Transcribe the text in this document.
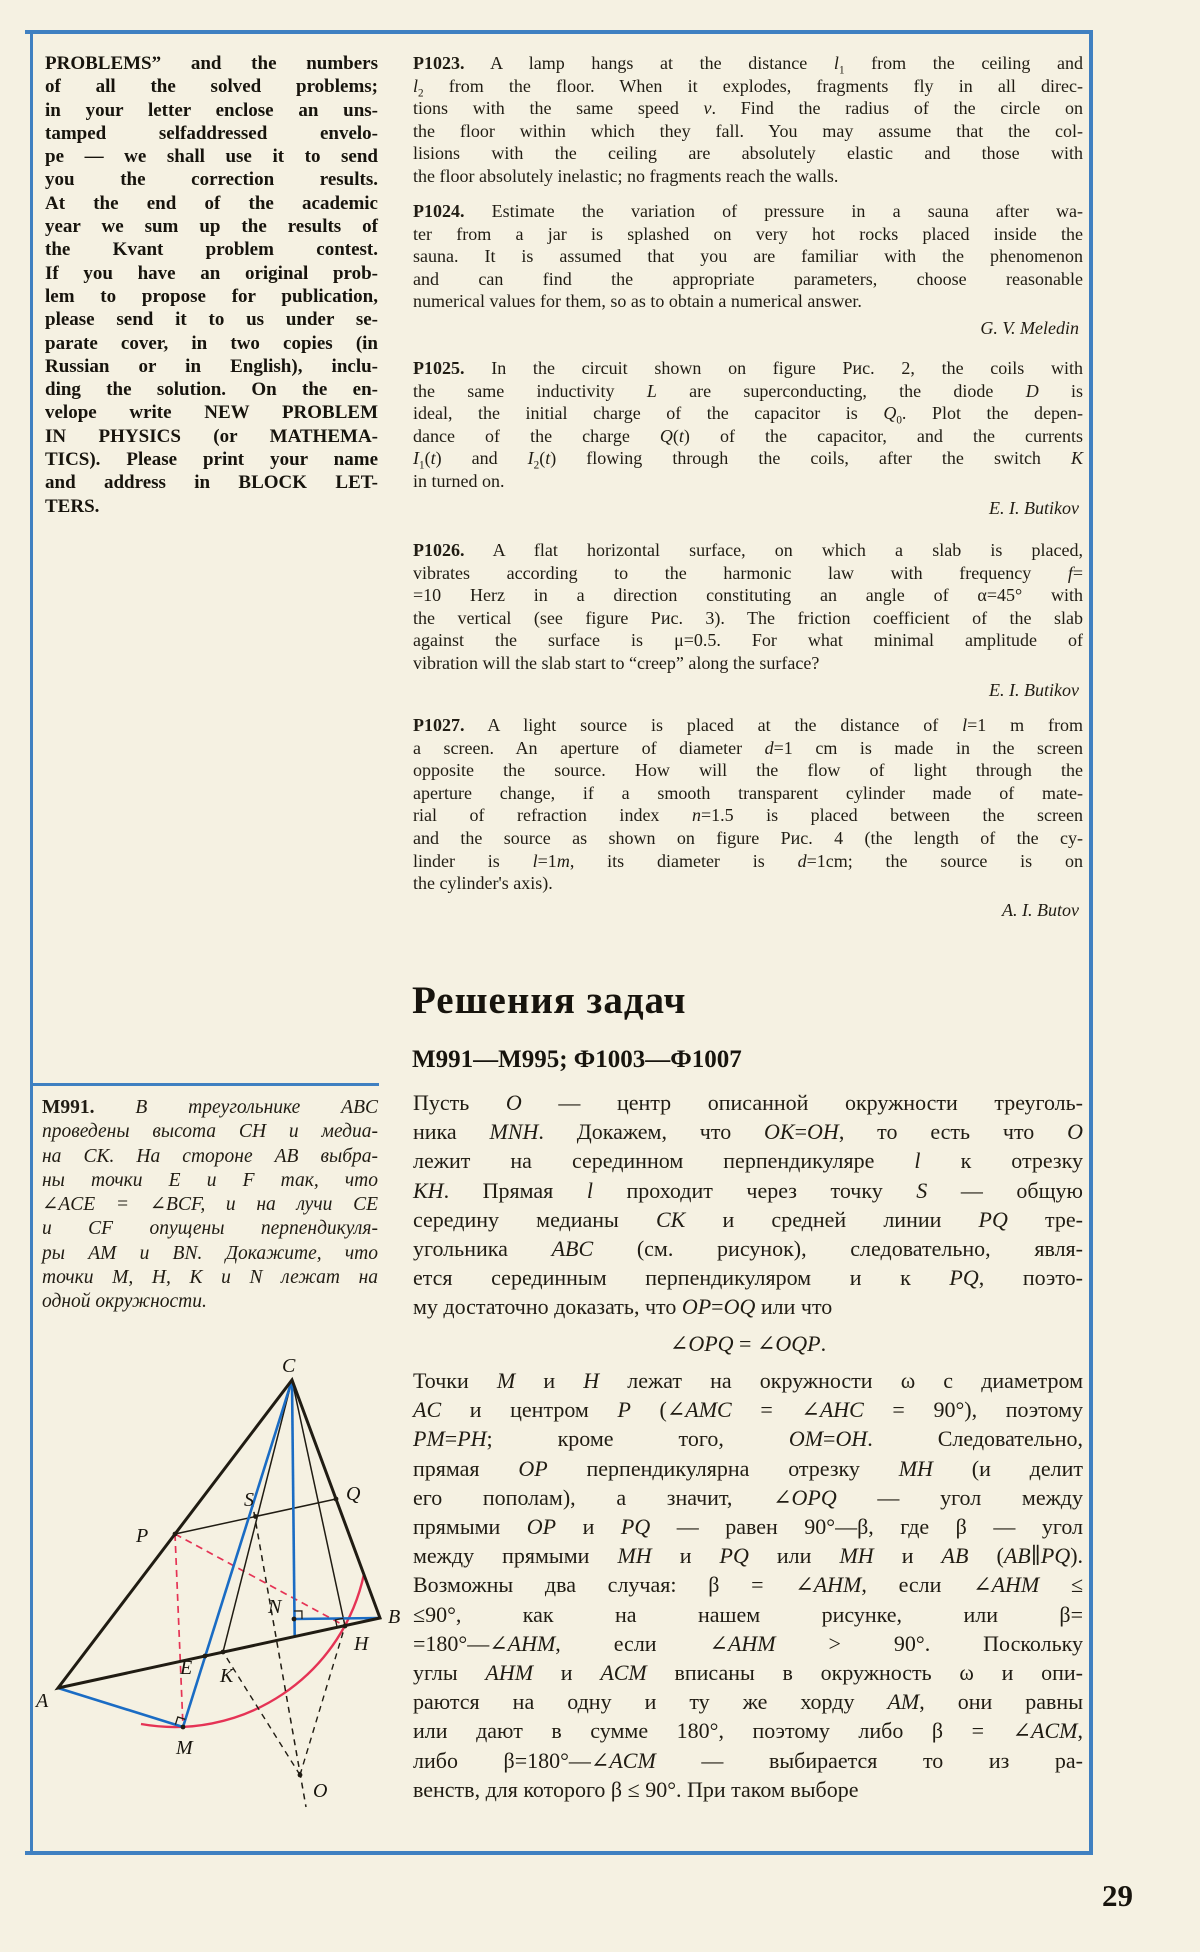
PROBLEMS” and the numbers
of all the solved problems;
in your letter enclose an uns-
tamped selfaddressed envelo-
pe — we shall use it to send
you the correction results.
At the end of the academic
year we sum up the results of
the Kvant problem contest.
If you have an original prob-
lem to propose for publication,
please send it to us under se-
parate cover, in two copies (in
Russian or in English), inclu-
ding the solution. On the en-
velope write NEW PROBLEM
IN PHYSICS (or MATHEMA-
TICS). Please print your name
and address in BLOCK LET-
TERS.
М991. В треугольнике ABC
проведены высота CH и медиа-
на CK. На стороне AB выбра-
ны точки E и F так, что
∠ACE = ∠BCF, и на лучи CE
и CF опущены перпендикуля-
ры AM и BN. Докажите, что
точки M, H, K и N лежат на
одной окружности.
C
P
S	Q
N
E K
H
B
A
M
O
P1023. A lamp hangs at the distance $l_1$ from the ceiling and
$l_2$ from the floor. When it explodes, fragments fly in all direc-
tions with the same speed v. Find the radius of the circle on
the floor within which they fall. You may assume that the col-
lisions with the ceiling are absolutely elastic and those with
the floor absolutely inelastic; no fragments reach the walls.
P1024. Estimate the variation of pressure in a sauna after wa-
ter from a jar is splashed on very hot rocks placed inside the
sauna. It is assumed that you are familiar with the phenomenon
and can find the appropriate parameters, choose reasonable
numerical values for them, so as to obtain a numerical answer.
G. V. Meledin
P1025. In the circuit shown on figure Рис. 2, the coils with
the same inductivity L are superconducting, the diode D is
ideal, the initial charge of the capacitor is $Q_0$. Plot the depen-
dance of the charge Q(t) of the capacitor, and the currents
$I_1(t)$ and $I_2(t)$ flowing through the coils, after the switch K
in turned on.
E. I. Butikov
P1026. A flat horizontal surface, on which a slab is placed,
vibrates according to the harmonic law with frequency f=
=10 Herz in a direction constituting an angle of α=45° with
the vertical (see figure Рис. 3). The friction coefficient of the slab
against the surface is μ=0.5. For what minimal amplitude of
vibration will the slab start to “creep” along the surface?
E. I. Butikov
P1027. A light source is placed at the distance of l=1 m from
a screen. An aperture of diameter d=1 cm is made in the screen
opposite the source. How will the flow of light through the
aperture change, if a smooth transparent cylinder made of mate-
rial of refraction index n=1.5 is placed between the screen
and the source as shown on figure Рис. 4 (the length of the cy-
linder is l=1m, its diameter is d=1cm; the source is on
the cylinder's axis).
A. I. Butov
Решения задач
М991—М995; Ф1003—Ф1007
Пусть O — центр описанной окружности треуголь-
ника MNH. Докажем, что OK=OH, то есть что O
лежит на серединном перпендикуляре l к отрезку
KH. Прямая l проходит через точку S — общую
середину медианы CK и средней линии PQ тре-
угольника ABC (см. рисунок), следовательно, явля-
ется серединным перпендикуляром и к PQ, поэто-
му достаточно доказать, что OP=OQ или что
∠OPQ = ∠OQP.
Точки M и H лежат на окружности ω с диаметром
AC и центром P (∠AMC = ∠AHC = 90°), поэтому
PM=PH; кроме того, OM=OH. Следовательно,
прямая OP перпендикулярна отрезку MH (и делит
его пополам), а значит, ∠OPQ — угол между
прямыми OP и PQ — равен 90°—β, где β — угол
между прямыми MH и PQ или MH и AB (AB∥PQ).
Возможны два случая: β = ∠AHM, если ∠AHM ≤
≤90°, как на нашем рисунке, или β=
=180°—∠AHM, если ∠AHM > 90°. Поскольку
углы AHM и ACM вписаны в окружность ω и опи-
раются на одну и ту же хорду AM, они равны
или дают в сумме 180°, поэтому либо β = ∠ACM,
либо β=180°—∠ACM — выбирается то из ра-
венств, для которого β ≤ 90°. При таком выборе
29
